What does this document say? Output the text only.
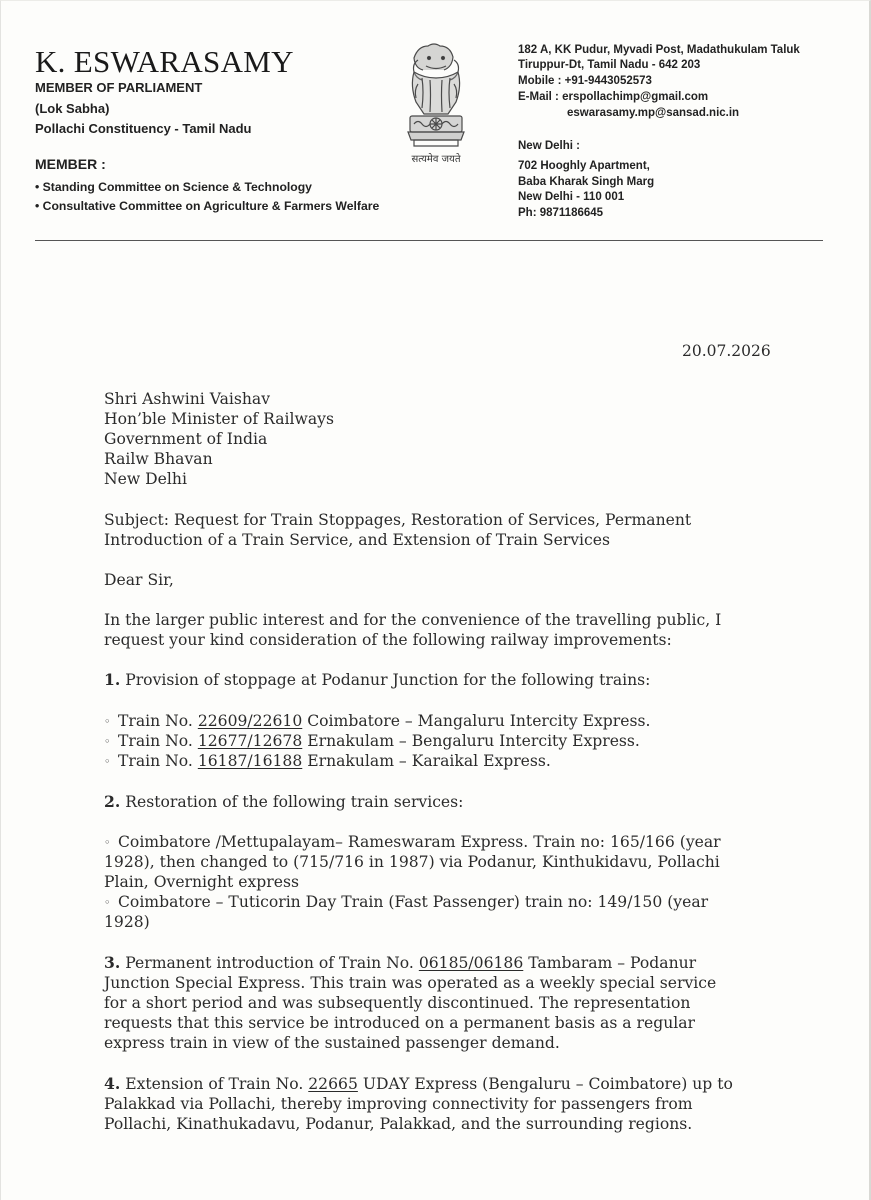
K. ESWARASAMY
MEMBER OF PARLIAMENT
(Lok Sabha)
Pollachi Constituency - Tamil Nadu
MEMBER :
• Standing Committee on Science & Technology
• Consultative Committee on Agriculture & Farmers Welfare
सत्यमेव जयते
182 A, KK Pudur, Myvadi Post, Madathukulam Taluk
Tiruppur-Dt, Tamil Nadu - 642 203
Mobile : +91-9443052573
E-Mail : erspollachimp@gmail.com
eswarasamy.mp@sansad.nic.in
New Delhi :
702 Hooghly Apartment,
Baba Kharak Singh Marg
New Delhi - 110 001
Ph: 9871186645
20.07.2026
Shri Ashwini Vaishav
Hon’ble Minister of Railways
Government of India
Railw Bhavan
New Delhi
Subject: Request for Train Stoppages, Restoration of Services, Permanent
Introduction of a Train Service, and Extension of Train Services
Dear Sir,
In the larger public interest and for the convenience of the travelling public, I
request your kind consideration of the following railway improvements:
1. Provision of stoppage at Podanur Junction for the following trains:
◦ Train No. 22609/22610 Coimbatore – Mangaluru Intercity Express.
◦ Train No. 12677/12678 Ernakulam – Bengaluru Intercity Express.
◦ Train No. 16187/16188 Ernakulam – Karaikal Express.
2. Restoration of the following train services:
◦ Coimbatore /Mettupalayam– Rameswaram Express. Train no: 165/166 (year
1928), then changed to (715/716 in 1987) via Podanur, Kinthukidavu, Pollachi
Plain, Overnight express
◦ Coimbatore – Tuticorin Day Train (Fast Passenger) train no: 149/150 (year
1928)
3. Permanent introduction of Train No. 06185/06186 Tambaram – Podanur
Junction Special Express. This train was operated as a weekly special service
for a short period and was subsequently discontinued. The representation
requests that this service be introduced on a permanent basis as a regular
express train in view of the sustained passenger demand.
4. Extension of Train No. 22665 UDAY Express (Bengaluru – Coimbatore) up to
Palakkad via Pollachi, thereby improving connectivity for passengers from
Pollachi, Kinathukadavu, Podanur, Palakkad, and the surrounding regions.
